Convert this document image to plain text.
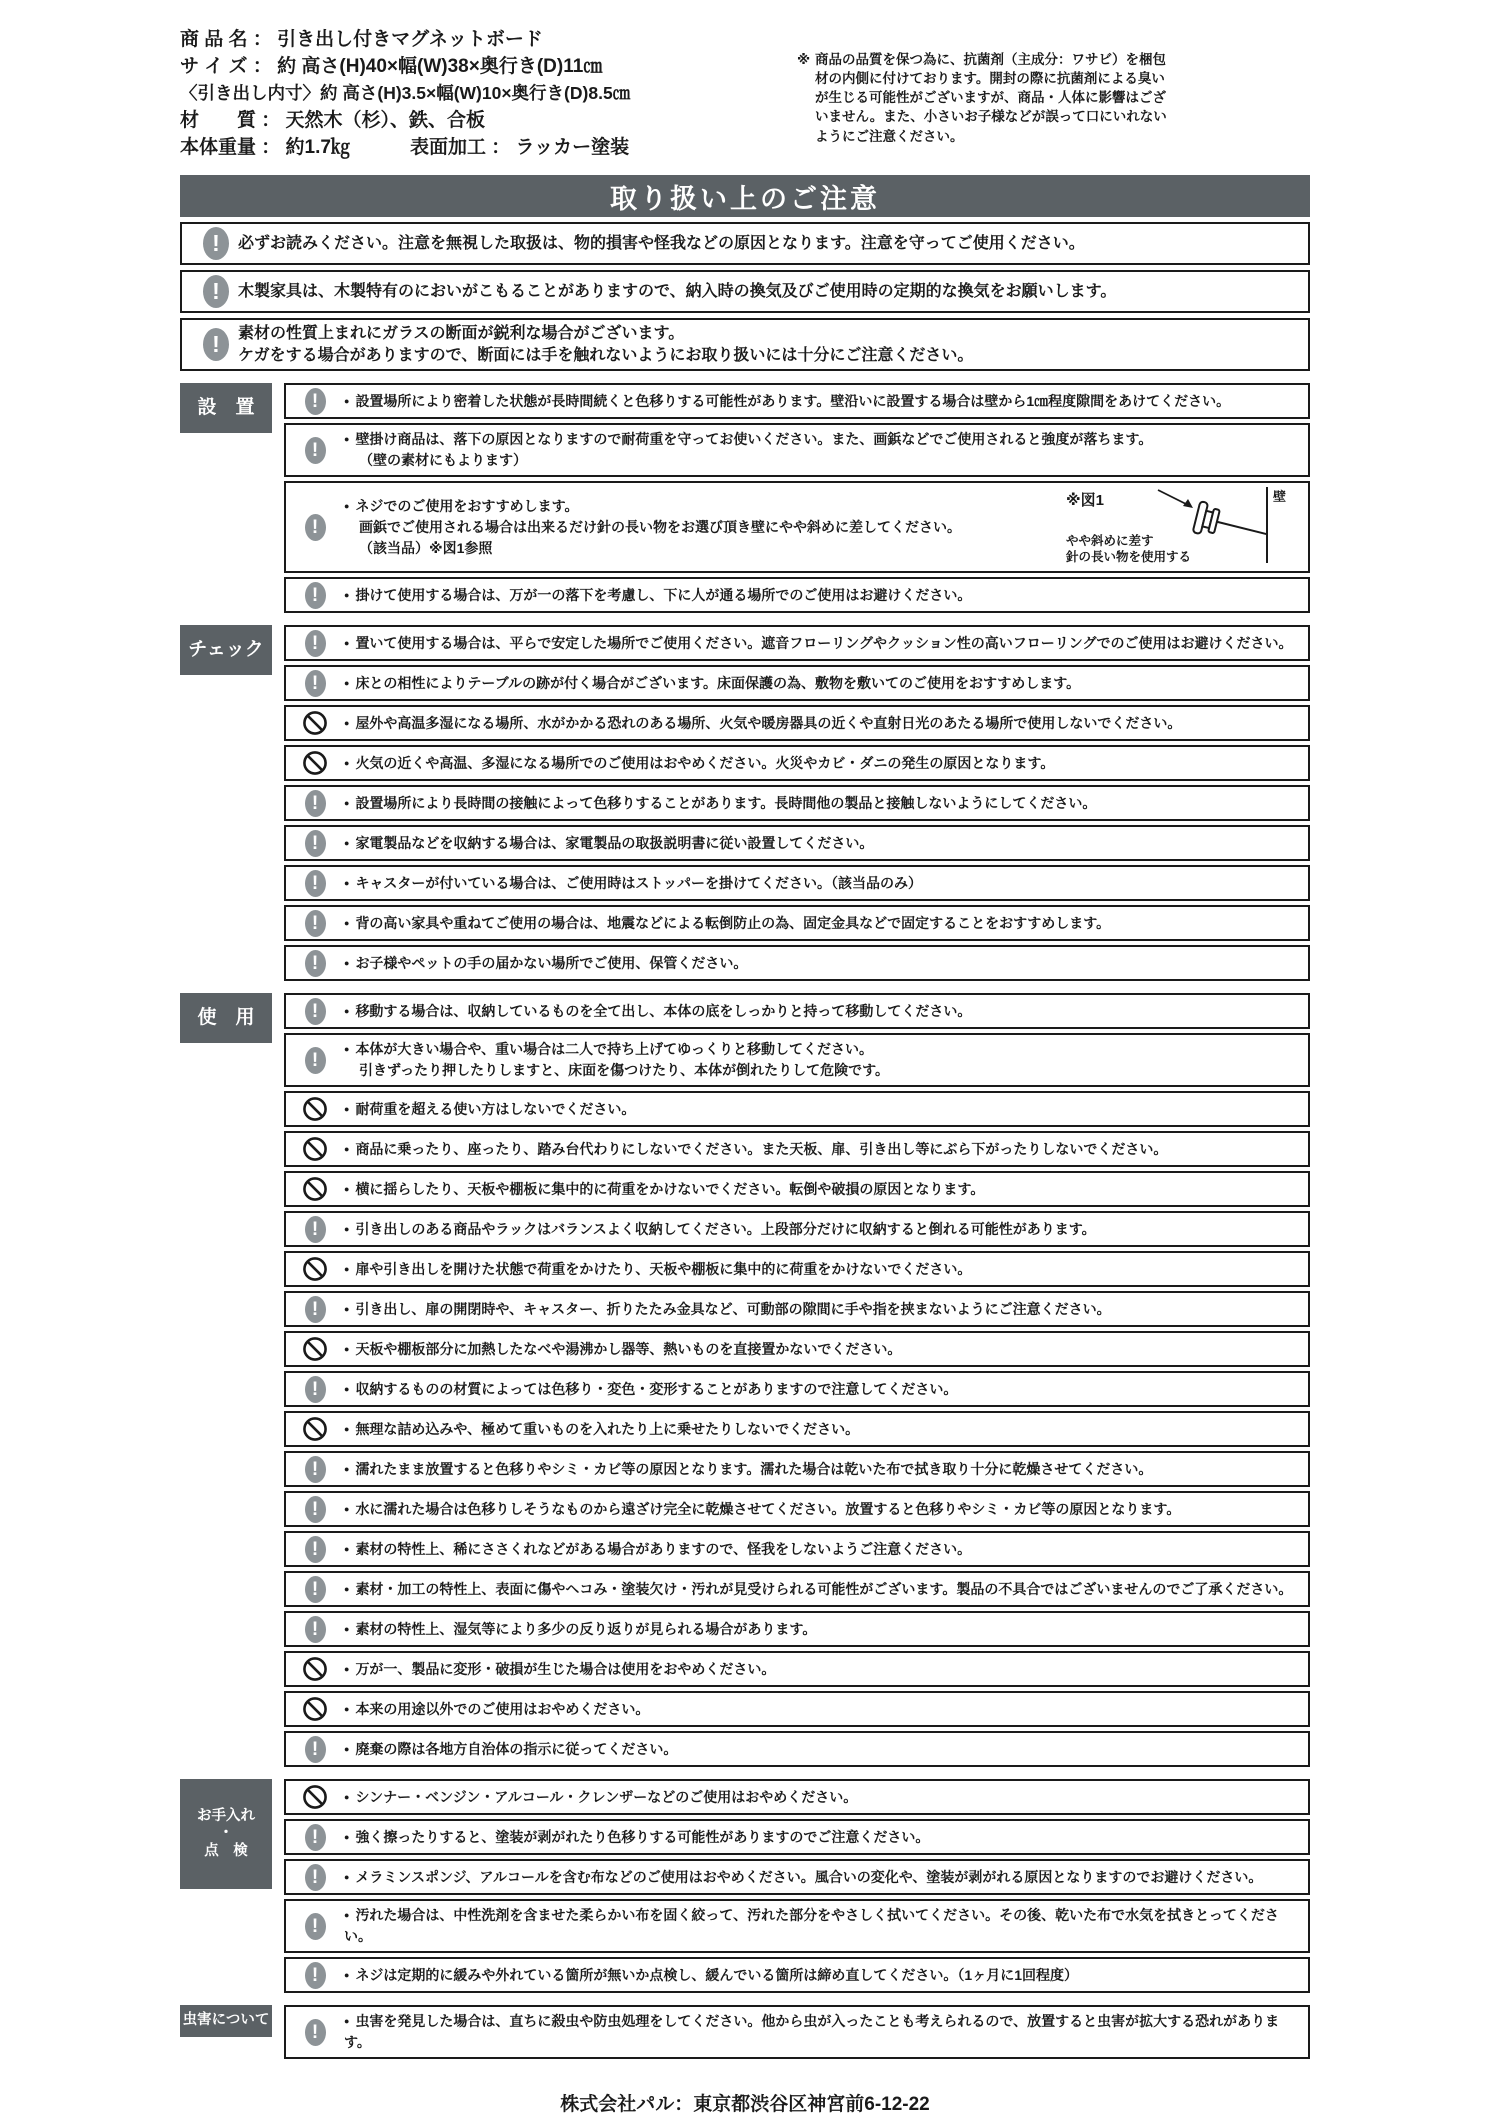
商 品 名 ： 引き出し付きマグネットボード
サ イ ズ ： 約 高さ(H)40×幅(W)38×奥行き(D)11㎝
〈引き出し内寸〉約 高さ(H)3.5×幅(W)10×奥行き(D)8.5㎝
材　　質 ： 天然木（杉）、鉄、合板
本体重量 ： 約1.7㎏	表面加工 ： ラッカー塗装
※ 商品の品質を保つ為に、抗菌剤（主成分：ワサビ）を梱包材の内側に付けております。開封の際に抗菌剤による臭いが生じる可能性がございますが、商品・人体に影響はございません。また、小さいお子様などが誤って口にいれないようにご注意ください。
取り扱い上のご注意
!	必ずお読みください。注意を無視した取扱は、物的損害や怪我などの原因となります。注意を守ってご使用ください。
!	木製家具は、木製特有のにおいがこもることがありますので、納入時の換気及びご使用時の定期的な換気をお願いします。
!	素材の性質上まれにガラスの断面が鋭利な場合がございます。
ケガをする場合がありますので、断面には手を触れないようにお取り扱いには十分にご注意ください。
設　置	!	● 設置場所により密着した状態が長時間続くと色移りする可能性があります。壁沿いに設置する場合は壁から1㎝程度隙間をあけてください。
!
● 壁掛け商品は、落下の原因となりますので耐荷重を守ってお使いください。また、画鋲などでご使用されると強度が落ちます。
（壁の素材にもよります）
!
● ネジでのご使用をおすすめします。
画鋲でご使用される場合は出来るだけ針の長い物をお選び頂き壁にやや斜めに差してください。
（該当品）※図1参照
※図1	壁
やや斜めに差す
針の長い物を使用する
!	● 掛けて使用する場合は、万が一の落下を考慮し、下に人が通る場所でのご使用はお避けください。
チェック	!	● 置いて使用する場合は、平らで安定した場所でご使用ください。遮音フローリングやクッション性の高いフローリングでのご使用はお避けください。
!	● 床との相性によりテーブルの跡が付く場合がございます。床面保護の為、敷物を敷いてのご使用をおすすめします。
● 屋外や高温多湿になる場所、水がかかる恐れのある場所、火気や暖房器具の近くや直射日光のあたる場所で使用しないでください。
● 火気の近くや高温、多湿になる場所でのご使用はおやめください。火災やカビ・ダニの発生の原因となります。
!	● 設置場所により長時間の接触によって色移りすることがあります。長時間他の製品と接触しないようにしてください。
!	● 家電製品などを収納する場合は、家電製品の取扱説明書に従い設置してください。
!	● キャスターが付いている場合は、ご使用時はストッパーを掛けてください。（該当品のみ）
!	● 背の高い家具や重ねてご使用の場合は、地震などによる転倒防止の為、固定金具などで固定することをおすすめします。
!	● お子様やペットの手の届かない場所でご使用、保管ください。
使　用	!	● 移動する場合は、収納しているものを全て出し、本体の底をしっかりと持って移動してください。
!
● 本体が大きい場合や、重い場合は二人で持ち上げてゆっくりと移動してください。
引きずったり押したりしますと、床面を傷つけたり、本体が倒れたりして危険です。
● 耐荷重を超える使い方はしないでください。
● 商品に乗ったり、座ったり、踏み台代わりにしないでください。また天板、扉、引き出し等にぶら下がったりしないでください。
● 横に揺らしたり、天板や棚板に集中的に荷重をかけないでください。転倒や破損の原因となります。
!	● 引き出しのある商品やラックはバランスよく収納してください。上段部分だけに収納すると倒れる可能性があります。
● 扉や引き出しを開けた状態で荷重をかけたり、天板や棚板に集中的に荷重をかけないでください。
!	● 引き出し、扉の開閉時や、キャスター、折りたたみ金具など、可動部の隙間に手や指を挟まないようにご注意ください。
● 天板や棚板部分に加熱したなべや湯沸かし器等、熱いものを直接置かないでください。
!	● 収納するものの材質によっては色移り・変色・変形することがありますので注意してください。
● 無理な詰め込みや、極めて重いものを入れたり上に乗せたりしないでください。
!	● 濡れたまま放置すると色移りやシミ・カビ等の原因となります。濡れた場合は乾いた布で拭き取り十分に乾燥させてください。
!	● 水に濡れた場合は色移りしそうなものから遠ざけ完全に乾燥させてください。放置すると色移りやシミ・カビ等の原因となります。
!	● 素材の特性上、稀にささくれなどがある場合がありますので、怪我をしないようご注意ください。
!	● 素材・加工の特性上、表面に傷やヘコみ・塗装欠け・汚れが見受けられる可能性がございます。製品の不具合ではございませんのでご了承ください。
!	● 素材の特性上、湿気等により多少の反り返りが見られる場合があります。
● 万が一、製品に変形・破損が生じた場合は使用をおやめください。
● 本来の用途以外でのご使用はおやめください。
!	● 廃棄の際は各地方自治体の指示に従ってください。
お手入れ
・
点　検
● シンナー・ベンジン・アルコール・クレンザーなどのご使用はおやめください。
!	● 強く擦ったりすると、塗装が剥がれたり色移りする可能性がありますのでご注意ください。
!	● メラミンスポンジ、アルコールを含む布などのご使用はおやめください。風合いの変化や、塗装が剥がれる原因となりますのでお避けください。
!
● 汚れた場合は、中性洗剤を含ませた柔らかい布を固く絞って、汚れた部分をやさしく拭いてください。その後、乾いた布で水気を拭きとってください。
!	● ネジは定期的に緩みや外れている箇所が無いか点検し、緩んでいる箇所は締め直してください。（1ヶ月に1回程度）
虫害について
!
● 虫害を発見した場合は、直ちに殺虫や防虫処理をしてください。他から虫が入ったことも考えられるので、放置すると虫害が拡大する恐れがあります。
株式会社パル：東京都渋谷区神宮前6-12-22
